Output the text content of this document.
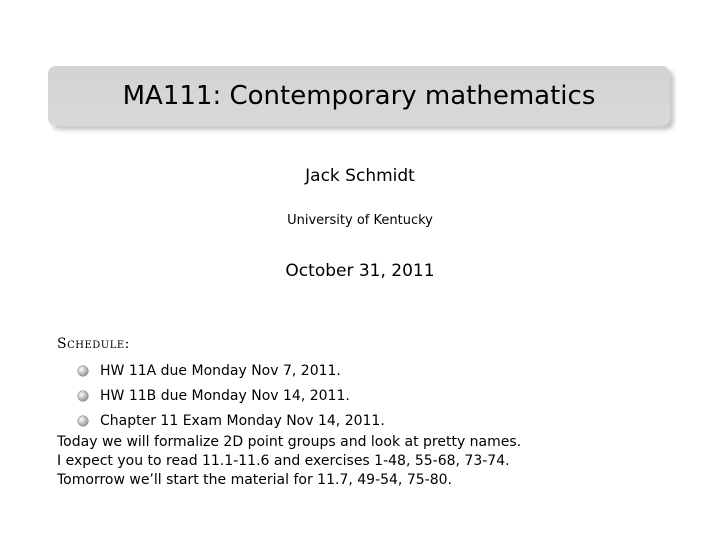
MA111: Contemporary mathematics
Jack Schmidt
University of Kentucky
October 31, 2011
Schedule:
HW 11A due Monday Nov 7, 2011.
HW 11B due Monday Nov 14, 2011.
Chapter 11 Exam Monday Nov 14, 2011.
Today we will formalize 2D point groups and look at pretty names.
I expect you to read 11.1-11.6 and exercises 1-48, 55-68, 73-74.
Tomorrow we’ll start the material for 11.7, 49-54, 75-80.
